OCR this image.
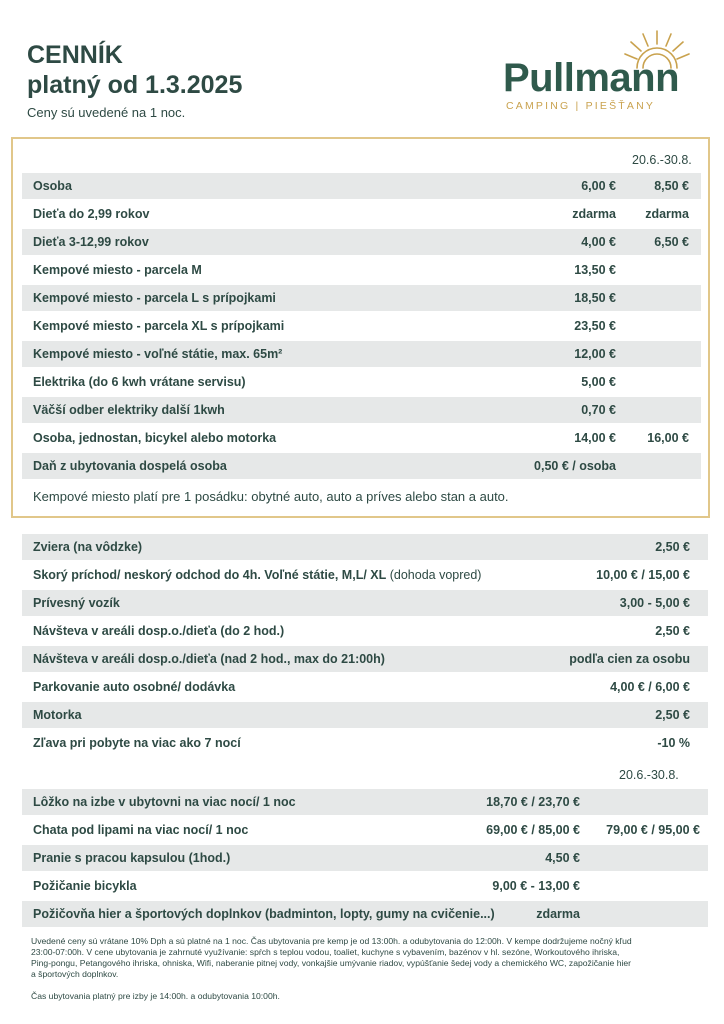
CENNÍK
platný od 1.3.2025
Ceny sú uvedené na 1 noc.
Pullmann
CAMPING | PIEŠŤANY
20.6.-30.8.
Osoba	6,00 €	8,50 €
Dieťa do 2,99 rokov	zdarma zdarma
Dieťa 3-12,99 rokov	4,00 €	6,50 €
Kempové miesto - parcela M	13,50 €
Kempové miesto - parcela L s prípojkami	18,50 €
Kempové miesto - parcela XL s prípojkami	23,50 €
Kempové miesto - voľné státie, max. 65m²	12,00 €
Elektrika (do 6 kwh vrátane servisu)	5,00 €
Väčší odber elektriky další 1kwh	0,70 €
Osoba, jednostan, bicykel alebo motorka	14,00 €	16,00 €
Daň z ubytovania dospelá osoba	0,50 € / osoba
Kempové miesto platí pre 1 posádku: obytné auto, auto a príves alebo stan a auto.
Zviera (na vôdzke)	2,50 €
Skorý príchod/ neskorý odchod do 4h. Voľné státie, M,L/ XL (dohoda vopred)	10,00 € / 15,00 €
Prívesný vozík	3,00 - 5,00 €
Návšteva v areáli dosp.o./dieťa (do 2 hod.)	2,50 €
Návšteva v areáli dosp.o./dieťa (nad 2 hod., max do 21:00h)	podľa cien za osobu
Parkovanie auto osobné/ dodávka	4,00 € / 6,00 €
Motorka	2,50 €
Zľava pri pobyte na viac ako 7 nocí	-10 %
20.6.-30.8.
Lôžko na izbe v ubytovni na viac nocí/ 1 noc	18,70 € / 23,70 €
Chata pod lipami na viac nocí/ 1 noc	69,00 € / 85,00 € 79,00 € / 95,00 €
Pranie s pracou kapsulou (1hod.)	4,50 €
Požičanie bicykla	9,00 € - 13,00 €
Požičovňa hier a športových doplnkov (badminton, lopty, gumy na cvičenie...)	zdarma
Uvedené ceny sú vrátane 10% Dph a sú platné na 1 noc. Čas ubytovania pre kemp je od 13:00h. a odubytovania do 12:00h. V kempe dodržujeme nočný kľud
23:00-07:00h. V cene ubytovania je zahrnuté využívanie: spŕch s teplou vodou, toaliet, kuchyne s vybavením, bazénov v hl. sezóne, Workoutového ihriska,
Ping-pongu, Petangového ihriska, ohniska, Wifi, naberanie pitnej vody, vonkajšie umývanie riadov, vypúšťanie šedej vody a chemického WC, zapožičanie hier
a športových doplnkov.
Čas ubytovania platný pre izby je 14:00h. a odubytovania 10:00h.
